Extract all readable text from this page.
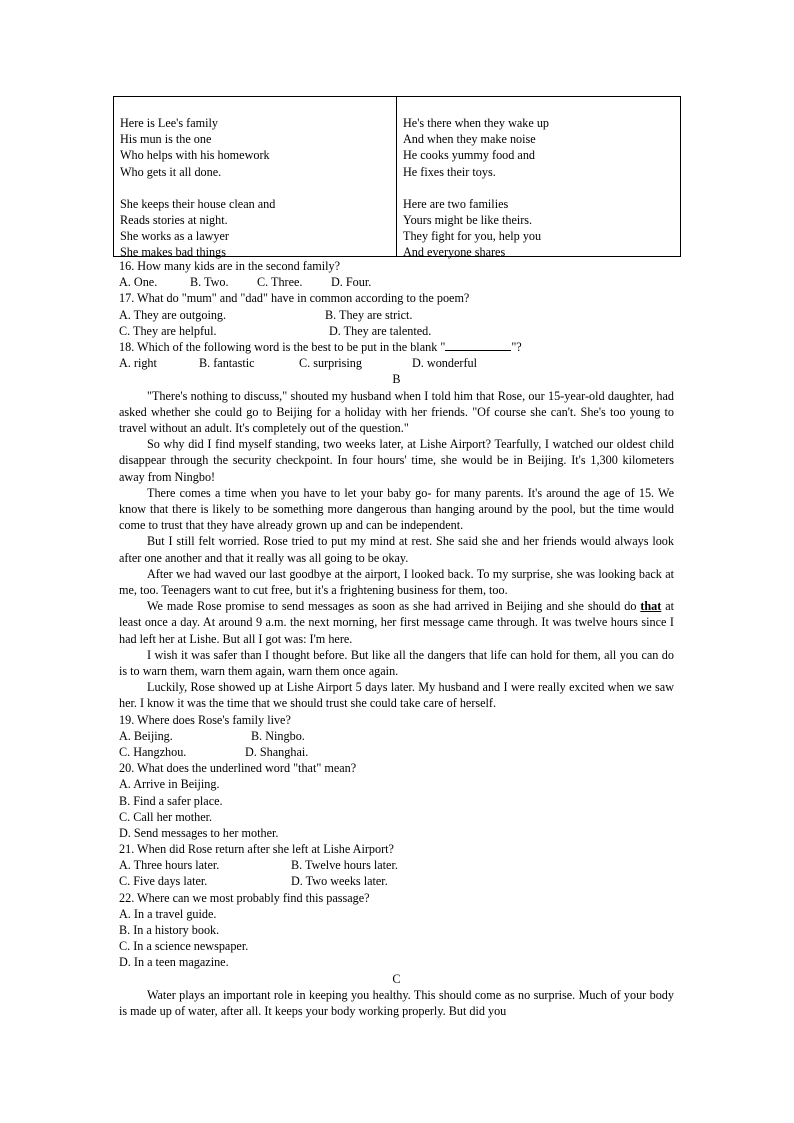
Here is Lee's family
His mun is the one
Who helps with his homework
Who gets it all done.
She keeps their house clean and
Reads stories at night.
She works as a lawyer
She makes bad things
He's there when they wake up
And when they make noise
He cooks yummy food and
He fixes their toys.
Here are two families
Yours might be like theirs.
They fight for you, help you
And everyone shares
16. How many kids are in the second family?
A. One.	B. Two. C. Three. D. Four.
17. What do "mum" and "dad" have in common according to the poem?
A. They are outgoing.	B. They are strict.
C. They are helpful.	D. They are talented.
18. Which of the following word is the best to be put in the blank "	"?
A. right	B. fantastic	C. surprising	D. wonderful
B

"There's nothing to discuss," shouted my husband when I told him that Rose, our 15-year-old daughter, had asked whether she could go to Beijing for a holiday with her friends. "Of course she can't. She's too young to travel without an adult. It's completely out of the question."

So why did I find myself standing, two weeks later, at Lishe Airport? Tearfully, I watched our oldest child disappear through the security checkpoint. In four hours' time, she would be in Beijing. It's 1,300 kilometers away from Ningbo!

There comes a time when you have to let your baby go- for many parents. It's around the age of 15. We know that there is likely to be something more dangerous than hanging around by the pool, but the time would come to trust that they have already grown up and can be independent.

But I still felt worried. Rose tried to put my mind at rest. She said she and her friends would always look after one another and that it really was all going to be okay.

After we had waved our last goodbye at the airport, I looked back. To my surprise, she was looking back at me, too. Teenagers want to cut free, but it's a frightening business for them, too.

We made Rose promise to send messages as soon as she had arrived in Beijing and she should do that at least once a day. At around 9 a.m. the next morning, her first message came through. It was twelve hours since I had left her at Lishe. But all I got was: I'm here.

I wish it was safer than I thought before. But like all the dangers that life can hold for them, all you can do is to warn them, warn them again, warn them once again.

Luckily, Rose showed up at Lishe Airport 5 days later. My husband and I were really excited when we saw her. I know it was the time that we should trust she could take care of herself.

19. Where does Rose's family live?
A. Beijing.	B. Ningbo.
C. Hangzhou.	D. Shanghai.
20. What does the underlined word "that" mean?
A. Arrive in Beijing.
B. Find a safer place.
C. Call her mother.
D. Send messages to her mother.
21. When did Rose return after she left at Lishe Airport?
A. Three hours later.	B. Twelve hours later.
C. Five days later.	D. Two weeks later.
22. Where can we most probably find this passage?
A. In a travel guide.
B. In a history book.
C. In a science newspaper.
D. In a teen magazine.
C

Water plays an important role in keeping you healthy. This should come as no surprise. Much of your body is made up of water, after all. It keeps your body working properly. But did you
